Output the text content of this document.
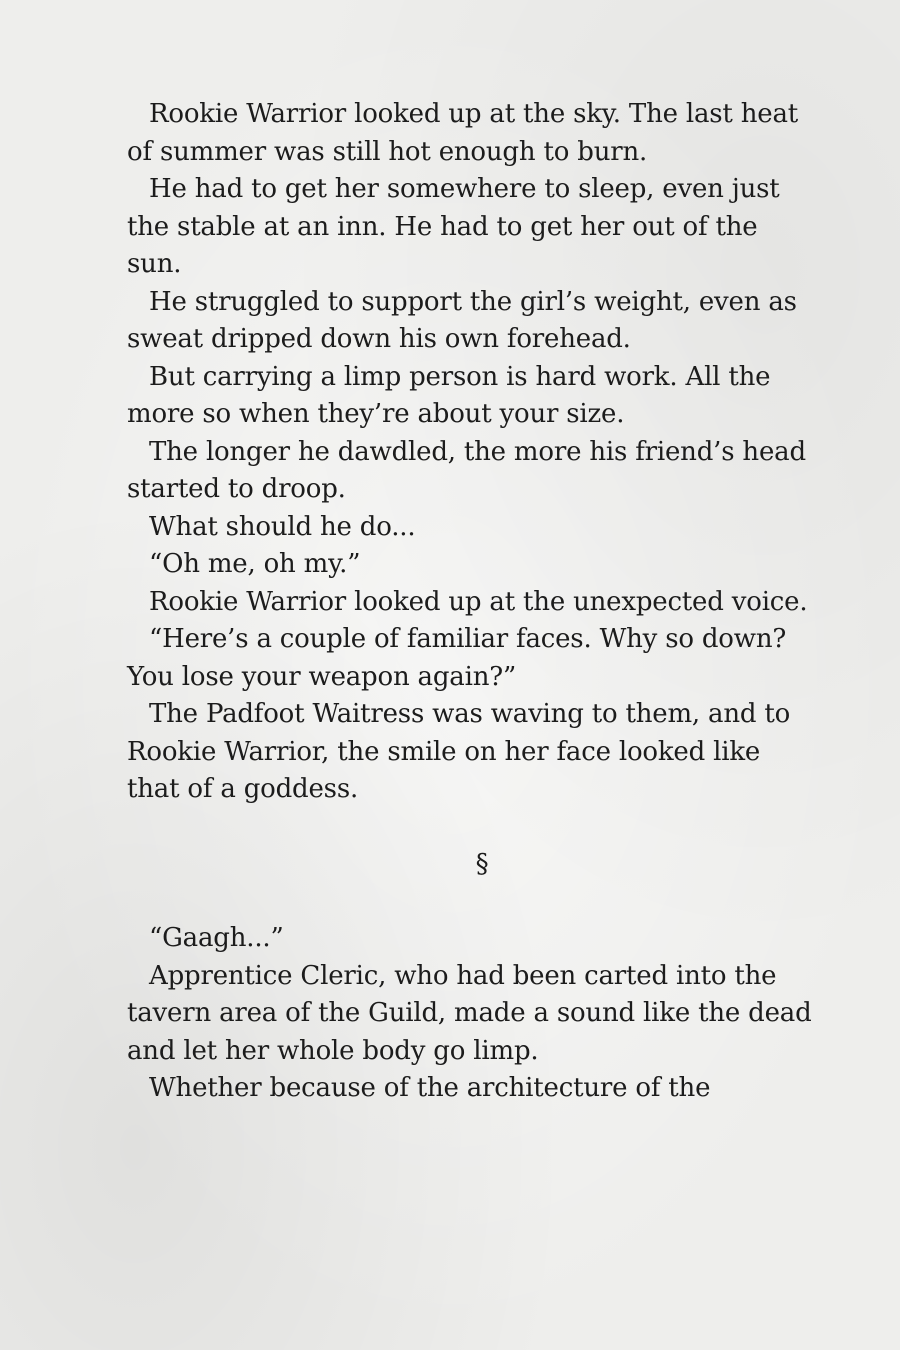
Rookie Warrior looked up at the sky. The last heat of summer was still hot enough to burn.

He had to get her somewhere to sleep, even just the stable at an inn. He had to get her out of the sun.

He struggled to support the girl’s weight, even as sweat dripped down his own forehead.

But carrying a limp person is hard work. All the more so when they’re about your size.

The longer he dawdled, the more his friend’s head started to droop.

What should he do...

“Oh me, oh my.”

Rookie Warrior looked up at the unexpected voice.

“Here’s a couple of familiar faces. Why so down? You lose your weapon again?”

The Padfoot Waitress was waving to them, and to Rookie Warrior, the smile on her face looked like that of a goddess.

§

“Gaagh...”

Apprentice Cleric, who had been carted into the tavern area of the Guild, made a sound like the dead and let her whole body go limp.

Whether because of the architecture of the
